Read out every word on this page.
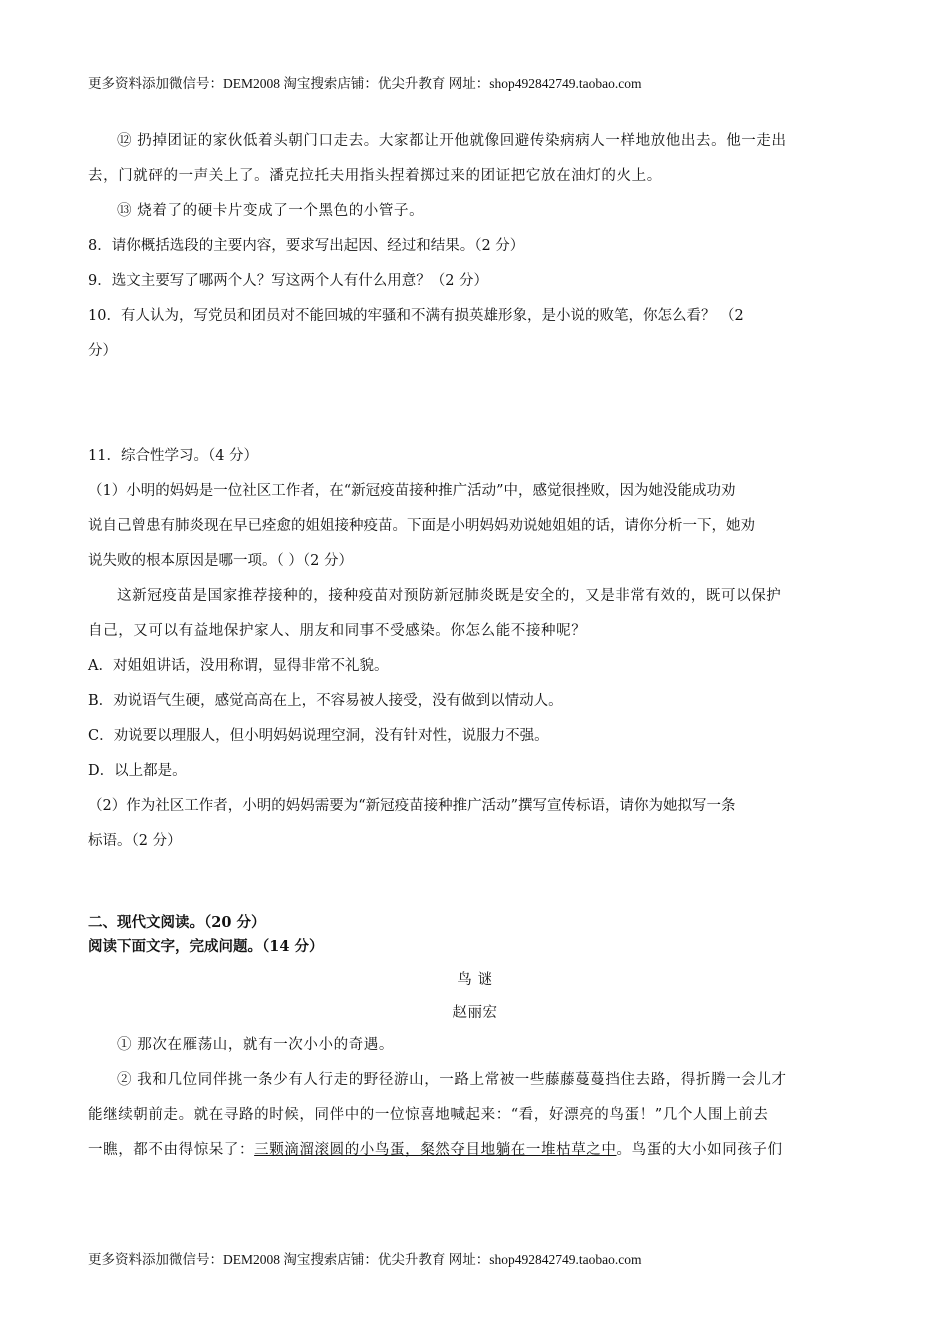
更多资料添加微信号：DEM2008 淘宝搜索店铺：优尖升教育 网址：shop492842749.taobao.com

⑫ 扔掉团证的家伙低着头朝门口走去。大家都让开他就像回避传染病病人一样地放他出去。他一走出

去，门就砰的一声关上了。潘克拉托夫用指头捏着掷过来的团证把它放在油灯的火上。

⑬ 烧着了的硬卡片变成了一个黑色的小管子。

8．请你概括选段的主要内容，要求写出起因、经过和结果。（2 分）

9．选文主要写了哪两个人？写这两个人有什么用意？（2 分）

10．有人认为，写党员和团员对不能回城的牢骚和不满有损英雄形象，是小说的败笔，你怎么看？ （2

分）

11．综合性学习。（4 分）

（1）小明的妈妈是一位社区工作者，在“新冠疫苗接种推广活动”中，感觉很挫败，因为她没能成功劝

说自己曾患有肺炎现在早已痊愈的姐姐接种疫苗。下面是小明妈妈劝说她姐姐的话，请你分析一下，她劝

说失败的根本原因是哪一项。（ ）（2 分）

这新冠疫苗是国家推荐接种的，接种疫苗对预防新冠肺炎既是安全的，又是非常有效的，既可以保护

自己，又可以有益地保护家人、朋友和同事不受感染。你怎么能不接种呢？

A．对姐姐讲话，没用称谓，显得非常不礼貌。

B．劝说语气生硬，感觉高高在上，不容易被人接受，没有做到以情动人。

C．劝说要以理服人，但小明妈妈说理空洞，没有针对性，说服力不强。

D．以上都是。

（2）作为社区工作者，小明的妈妈需要为“新冠疫苗接种推广活动”撰写宣传标语，请你为她拟写一条

标语。（2 分）

二、现代文阅读。（20 分）

阅读下面文字，完成问题。（14 分）

鸟 谜

赵丽宏

① 那次在雁荡山，就有一次小小的奇遇。

② 我和几位同伴挑一条少有人行走的野径游山，一路上常被一些藤藤蔓蔓挡住去路，得折腾一会儿才

能继续朝前走。就在寻路的时候，同伴中的一位惊喜地喊起来：“看，好漂亮的鸟蛋！”几个人围上前去

一瞧，都不由得惊呆了：三颗滴溜滚圆的小鸟蛋，粲然夺目地躺在一堆枯草之中。鸟蛋的大小如同孩子们

更多资料添加微信号：DEM2008 淘宝搜索店铺：优尖升教育 网址：shop492842749.taobao.com
